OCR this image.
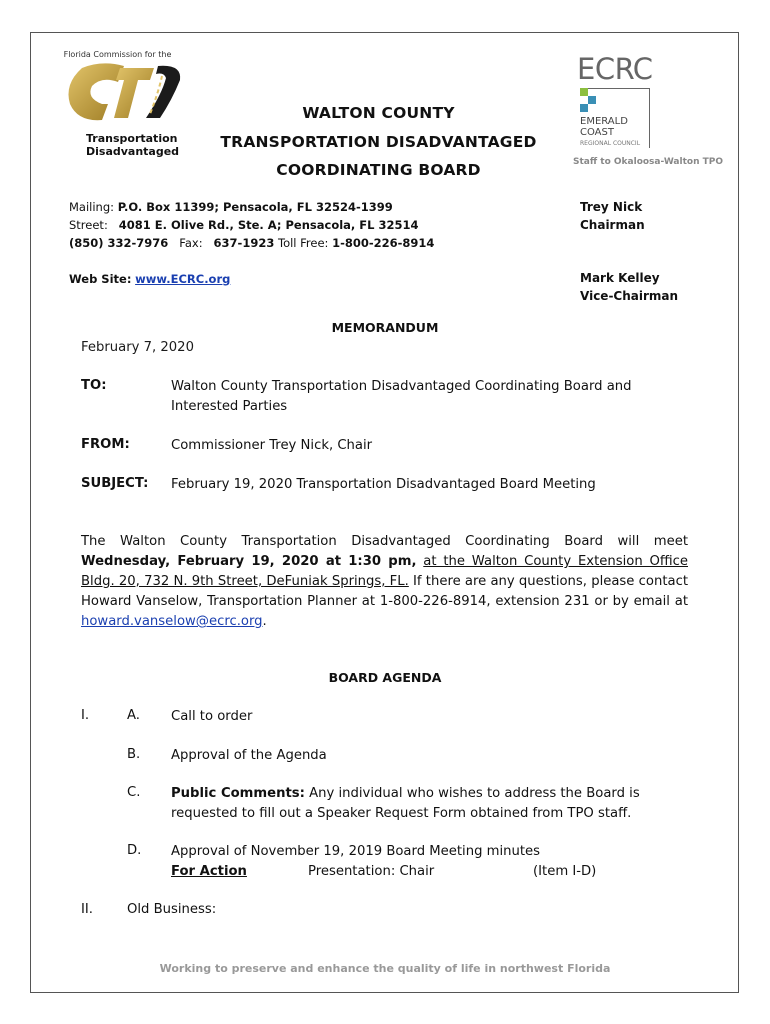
Florida Commission for the
Transportation
Disadvantaged
WALTON COUNTY
TRANSPORTATION DISADVANTAGED
COORDINATING BOARD
ECRC
EMERALD
COAST
REGIONAL COUNCIL
Staff to Okaloosa-Walton TPO
Mailing: P.O. Box 11399; Pensacola, FL 32524-1399
Street: 4081 E. Olive Rd., Ste. A; Pensacola, FL 32514
(850) 332-7976 Fax: 637-1923 Toll Free: 1-800-226-8914
Web Site: www.ECRC.org
Trey Nick
Chairman
Mark Kelley
Vice-Chairman
MEMORANDUM
February 7, 2020
TO:	Walton County Transportation Disadvantaged Coordinating Board and
Interested Parties
FROM:	Commissioner Trey Nick, Chair
SUBJECT: February 19, 2020 Transportation Disadvantaged Board Meeting
The Walton County Transportation Disadvantaged Coordinating Board will meet Wednesday, February 19, 2020 at 1:30 pm, at the Walton County Extension Office Bldg. 20, 732 N. 9th Street, DeFuniak Springs, FL. If there are any questions, please contact Howard Vanselow, Transportation Planner at 1-800-226-8914, extension 231 or by email at howard.vanselow@ecrc.org.
BOARD AGENDA
I.	A. Call to order
B. Approval of the Agenda
C. Public Comments: Any individual who wishes to address the Board is
requested to fill out a Speaker Request Form obtained from TPO staff.
D. Approval of November 19, 2019 Board Meeting minutes
For Action	Presentation: Chair	(Item I-D)
II.	Old Business:
Working to preserve and enhance the quality of life in northwest Florida
